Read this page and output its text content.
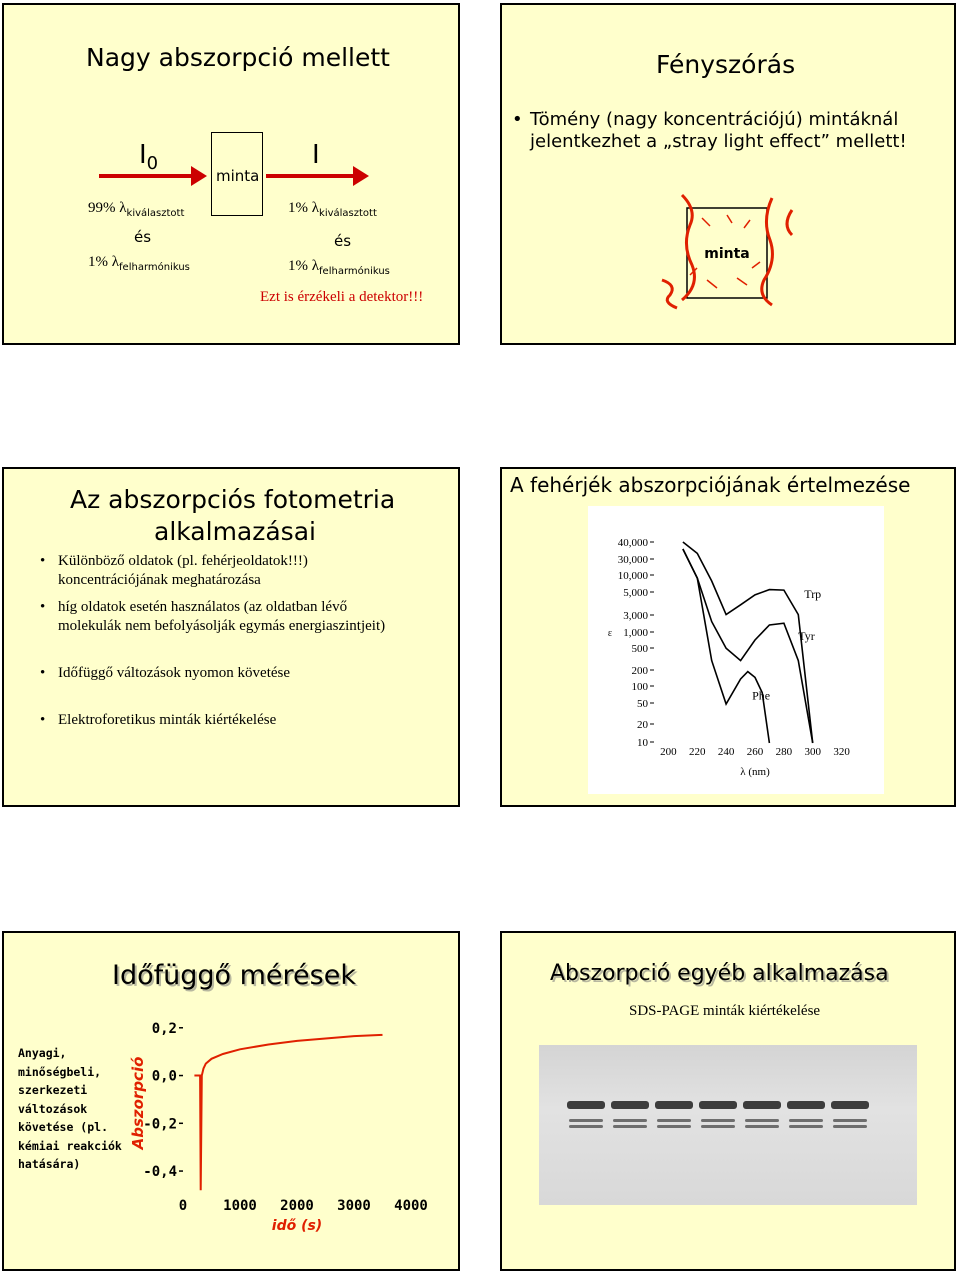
Nagy abszorpció mellett
$I_0$
minta
I
99% $\lambda_{kiválasztott}$
és
1% $\lambda_{felharmónikus}$
1% $\lambda_{kiválasztott}$
és
1% $\lambda_{felharmónikus}$
Ezt is érzékeli a detektor!!!
Fényszórás
• Tömény (nagy koncentrációjú) mintáknál jelentkezhet a „stray light effect” mellett!
minta
Az abszorpciós fotometria
alkalmazásai
• Különböző oldatok (pl. fehérjeoldatok!!!) koncentrációjának meghatározása
• híg oldatok esetén használatos (az oldatban lévő molekulák nem befolyásolják egymás energiaszintjeit)
• Időfüggő változások nyomon követése
• Elektroforetikus minták kiértékelése
A fehérjék abszorpciójának értelmezése
40,000
30,000
10,000
5,000
3,000
1,000
500
200
100
50
20
10
200 220 240 260 280 300 320
λ (nm)
ε
Trp
Tyr
Phe
Időfüggő mérések
Anyagi,
minőségbeli,
szerkezeti
változások
követése (pl.
kémiai reakciók
hatására)
0,2
0,0
-0,2
-0,4
0	1000 2000 3000 4000
idő (s)
Abszorpció
Abszorpció egyéb alkalmazása
SDS-PAGE minták kiértékelése
